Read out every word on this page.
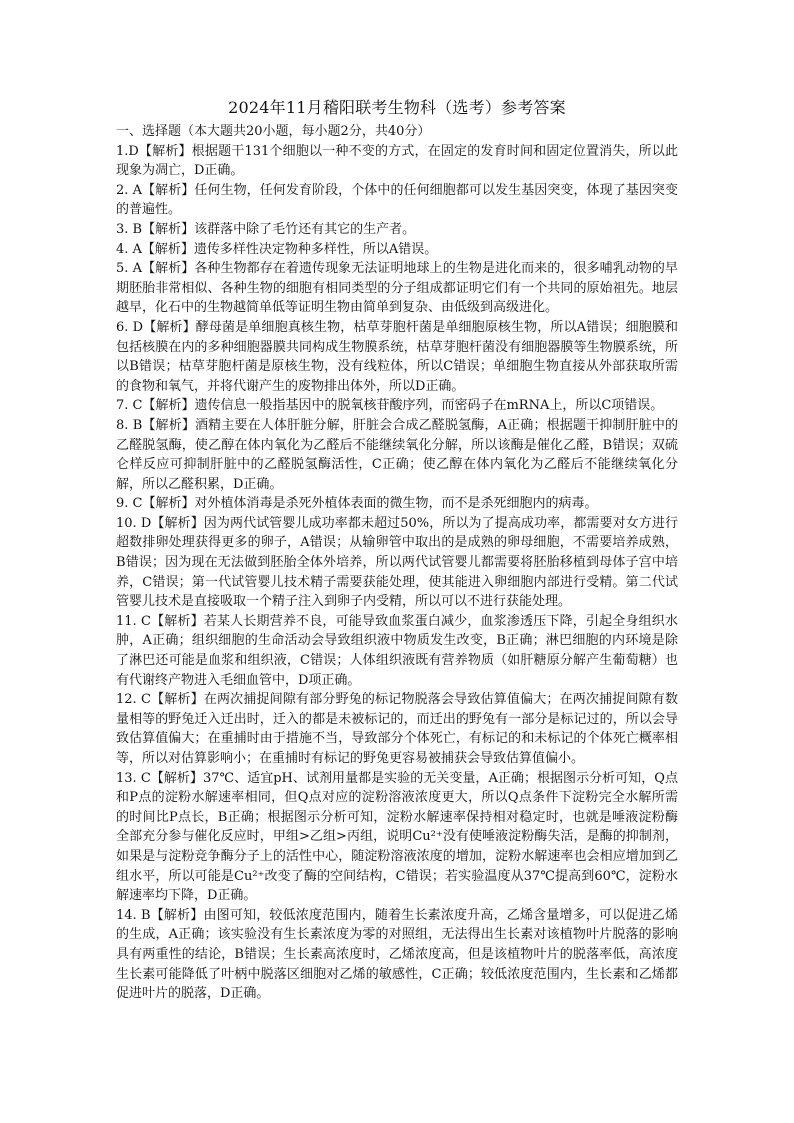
2024年11月稽阳联考生物科（选考）参考答案
一、选择题（本大题共20小题，每小题2分，共40分）
1.D【解析】根据题干131个细胞以一种不变的方式，在固定的发育时间和固定位置消失，所以此现象为凋亡，D正确。
2. A【解析】任何生物，任何发育阶段，个体中的任何细胞都可以发生基因突变，体现了基因突变的普遍性。
3. B【解析】该群落中除了毛竹还有其它的生产者。
4. A【解析】遗传多样性决定物种多样性，所以A错误。
5. A【解析】各种生物都存在着遗传现象无法证明地球上的生物是进化而来的，很多哺乳动物的早期胚胎非常相似、各种生物的细胞有相同类型的分子组成都证明它们有一个共同的原始祖先。地层越早，化石中的生物越简单低等证明生物由简单到复杂、由低级到高级进化。
6. D【解析】酵母菌是单细胞真核生物，枯草芽胞杆菌是单细胞原核生物，所以A错误；细胞膜和包括核膜在内的多种细胞器膜共同构成生物膜系统，枯草芽胞杆菌没有细胞器膜等生物膜系统，所以B错误；枯草芽胞杆菌是原核生物，没有线粒体，所以C错误；单细胞生物直接从外部获取所需的食物和氧气，并将代谢产生的废物排出体外，所以D正确。
7. C【解析】遗传信息一般指基因中的脱氧核苷酸序列，而密码子在mRNA上，所以C项错误。
8. B【解析】酒精主要在人体肝脏分解，肝脏会合成乙醛脱氢酶，A正确；根据题干抑制肝脏中的乙醛脱氢酶，使乙醇在体内氧化为乙醛后不能继续氧化分解，所以该酶是催化乙醛，B错误；双硫仑样反应可抑制肝脏中的乙醛脱氢酶活性，C正确；使乙醇在体内氧化为乙醛后不能继续氧化分解，所以乙醛积累，D正确。
9. C【解析】对外植体消毒是杀死外植体表面的微生物，而不是杀死细胞内的病毒。
10. D【解析】因为两代试管婴儿成功率都未超过50%，所以为了提高成功率，都需要对女方进行超数排卵处理获得更多的卵子，A错误；从输卵管中取出的是成熟的卵母细胞，不需要培养成熟，B错误；因为现在无法做到胚胎全体外培养，所以两代试管婴儿都需要将胚胎移植到母体子宫中培养，C错误；第一代试管婴儿技术精子需要获能处理，使其能进入卵细胞内部进行受精。第二代试管婴儿技术是直接吸取一个精子注入到卵子内受精，所以可以不进行获能处理。
11. C【解析】若某人长期营养不良，可能导致血浆蛋白减少，血浆渗透压下降，引起全身组织水肿，A正确；组织细胞的生命活动会导致组织液中物质发生改变，B正确；淋巴细胞的内环境是除了淋巴还可能是血浆和组织液，C错误；人体组织液既有营养物质（如肝糖原分解产生葡萄糖）也有代谢终产物进入毛细血管中，D项正确。
12. C【解析】在两次捕捉间隙有部分野兔的标记物脱落会导致估算值偏大；在两次捕捉间隙有数量相等的野兔迁入迁出时，迁入的都是未被标记的，而迁出的野兔有一部分是标记过的，所以会导致估算值偏大；在重捕时由于措施不当，导致部分个体死亡，有标记的和未标记的个体死亡概率相等，所以对估算影响小；在重捕时有标记的野兔更容易被捕获会导致估算值偏小。
13. C【解析】37℃、适宜pH、试剂用量都是实验的无关变量，A正确；根据图示分析可知，Q点和P点的淀粉水解速率相同，但Q点对应的淀粉溶液浓度更大，所以Q点条件下淀粉完全水解所需的时间比P点长，B正确；根据图示分析可知，淀粉水解速率保持相对稳定时，也就是唾液淀粉酶全部充分参与催化反应时，甲组>乙组>丙组，说明Cu²⁺没有使唾液淀粉酶失活，是酶的抑制剂，如果是与淀粉竞争酶分子上的活性中心，随淀粉溶液浓度的增加，淀粉水解速率也会相应增加到乙组水平，所以可能是Cu²⁺改变了酶的空间结构，C错误；若实验温度从37℃提高到60℃，淀粉水解速率均下降，D正确。
14. B【解析】由图可知，较低浓度范围内，随着生长素浓度升高，乙烯含量增多，可以促进乙烯的生成，A正确；该实验没有生长素浓度为零的对照组，无法得出生长素对该植物叶片脱落的影响具有两重性的结论，B错误；生长素高浓度时，乙烯浓度高，但是该植物叶片的脱落率低，高浓度生长素可能降低了叶柄中脱落区细胞对乙烯的敏感性，C正确；较低浓度范围内，生长素和乙烯都促进叶片的脱落，D正确。
